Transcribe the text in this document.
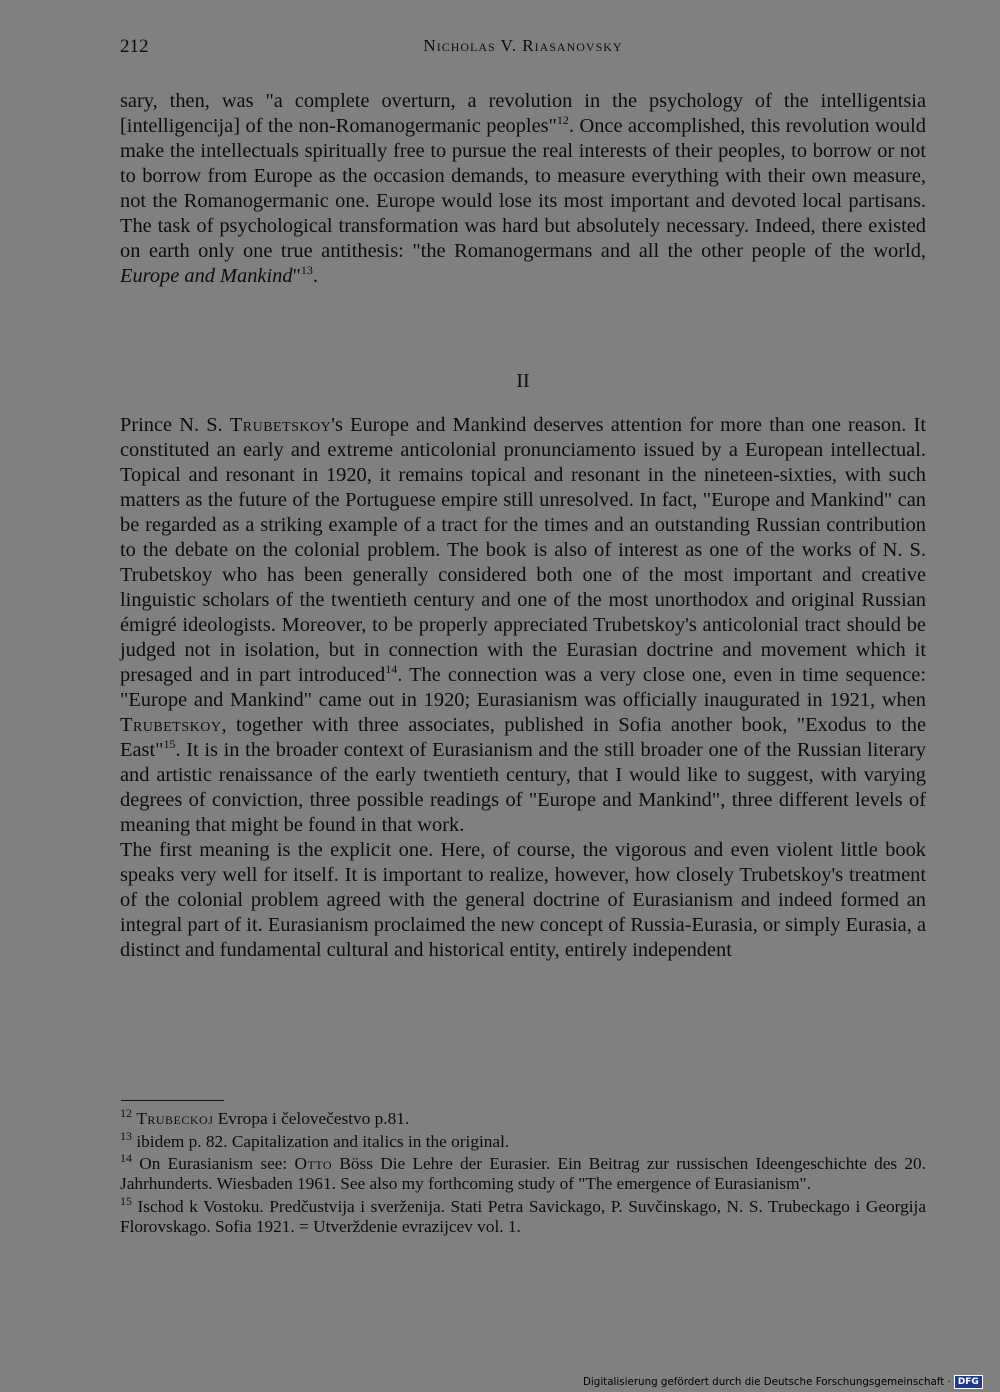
212	Nicholas V. Riasanovsky

sary, then, was "a complete overturn, a revolution in the psychology of the intelligentsia [intelligencija] of the non-Romanogermanic peoples"$^{12}$. Once accomplished, this revolution would make the intellectuals spiritually free to pursue the real interests of their peoples, to borrow or not to borrow from Europe as the occasion demands, to measure everything with their own measure, not the Romanogermanic one. Europe would lose its most important and devoted local partisans. The task of psychological transformation was hard but absolutely necessary. Indeed, there existed on earth only one true antithesis: "the Romanogermans and all the other people of the world, Europe and Mankind"$^{13}$.

II

Prince N. S. Trubetskoy's Europe and Mankind deserves attention for more than one reason. It constituted an early and extreme anticolonial pronunciamento issued by a European intellectual. Topical and resonant in 1920, it remains topical and resonant in the nineteen-sixties, with such matters as the future of the Portuguese empire still unresolved. In fact, "Europe and Mankind" can be regarded as a striking example of a tract for the times and an outstanding Russian contribution to the debate on the colonial problem. The book is also of interest as one of the works of N. S. Trubetskoy who has been generally considered both one of the most important and creative linguistic scholars of the twentieth century and one of the most unorthodox and original Russian émigré ideologists. Moreover, to be properly appreciated Trubetskoy's anticolonial tract should be judged not in isolation, but in connection with the Eurasian doctrine and movement which it presaged and in part introduced$^{14}$. The connection was a very close one, even in time sequence: "Europe and Mankind" came out in 1920; Eurasianism was officially inaugurated in 1921, when Trubetskoy, together with three associates, published in Sofia another book, "Exodus to the East"$^{15}$. It is in the broader context of Eurasianism and the still broader one of the Russian literary and artistic renaissance of the early twentieth century, that I would like to suggest, with varying degrees of conviction, three possible readings of "Europe and Mankind", three different levels of meaning that might be found in that work.

The first meaning is the explicit one. Here, of course, the vigorous and even violent little book speaks very well for itself. It is important to realize, however, how closely Trubetskoy's treatment of the colonial problem agreed with the general doctrine of Eurasianism and indeed formed an integral part of it. Eurasianism proclaimed the new concept of Russia-Eurasia, or simply Eurasia, a distinct and fundamental cultural and historical entity, entirely independent

$^{12}$ Trubeckoj Evropa i čelovečestvo p.81.

$^{13}$ ibidem p. 82. Capitalization and italics in the original.

$^{14}$ On Eurasianism see: Otto Böss Die Lehre der Eurasier. Ein Beitrag zur russischen Ideengeschichte des 20. Jahrhunderts. Wiesbaden 1961. See also my forthcoming study of "The emergence of Eurasianism".

$^{15}$ Ischod k Vostoku. Predčustvija i sverženija. Stati Petra Savickago, P. Suvčinskago, N. S. Trubeckago i Georgija Florovskago. Sofia 1921. = Utverždenie evrazijcev vol. 1.

Digitalisierung gefördert durch die Deutsche Forschungsgemeinschaft · DFG
